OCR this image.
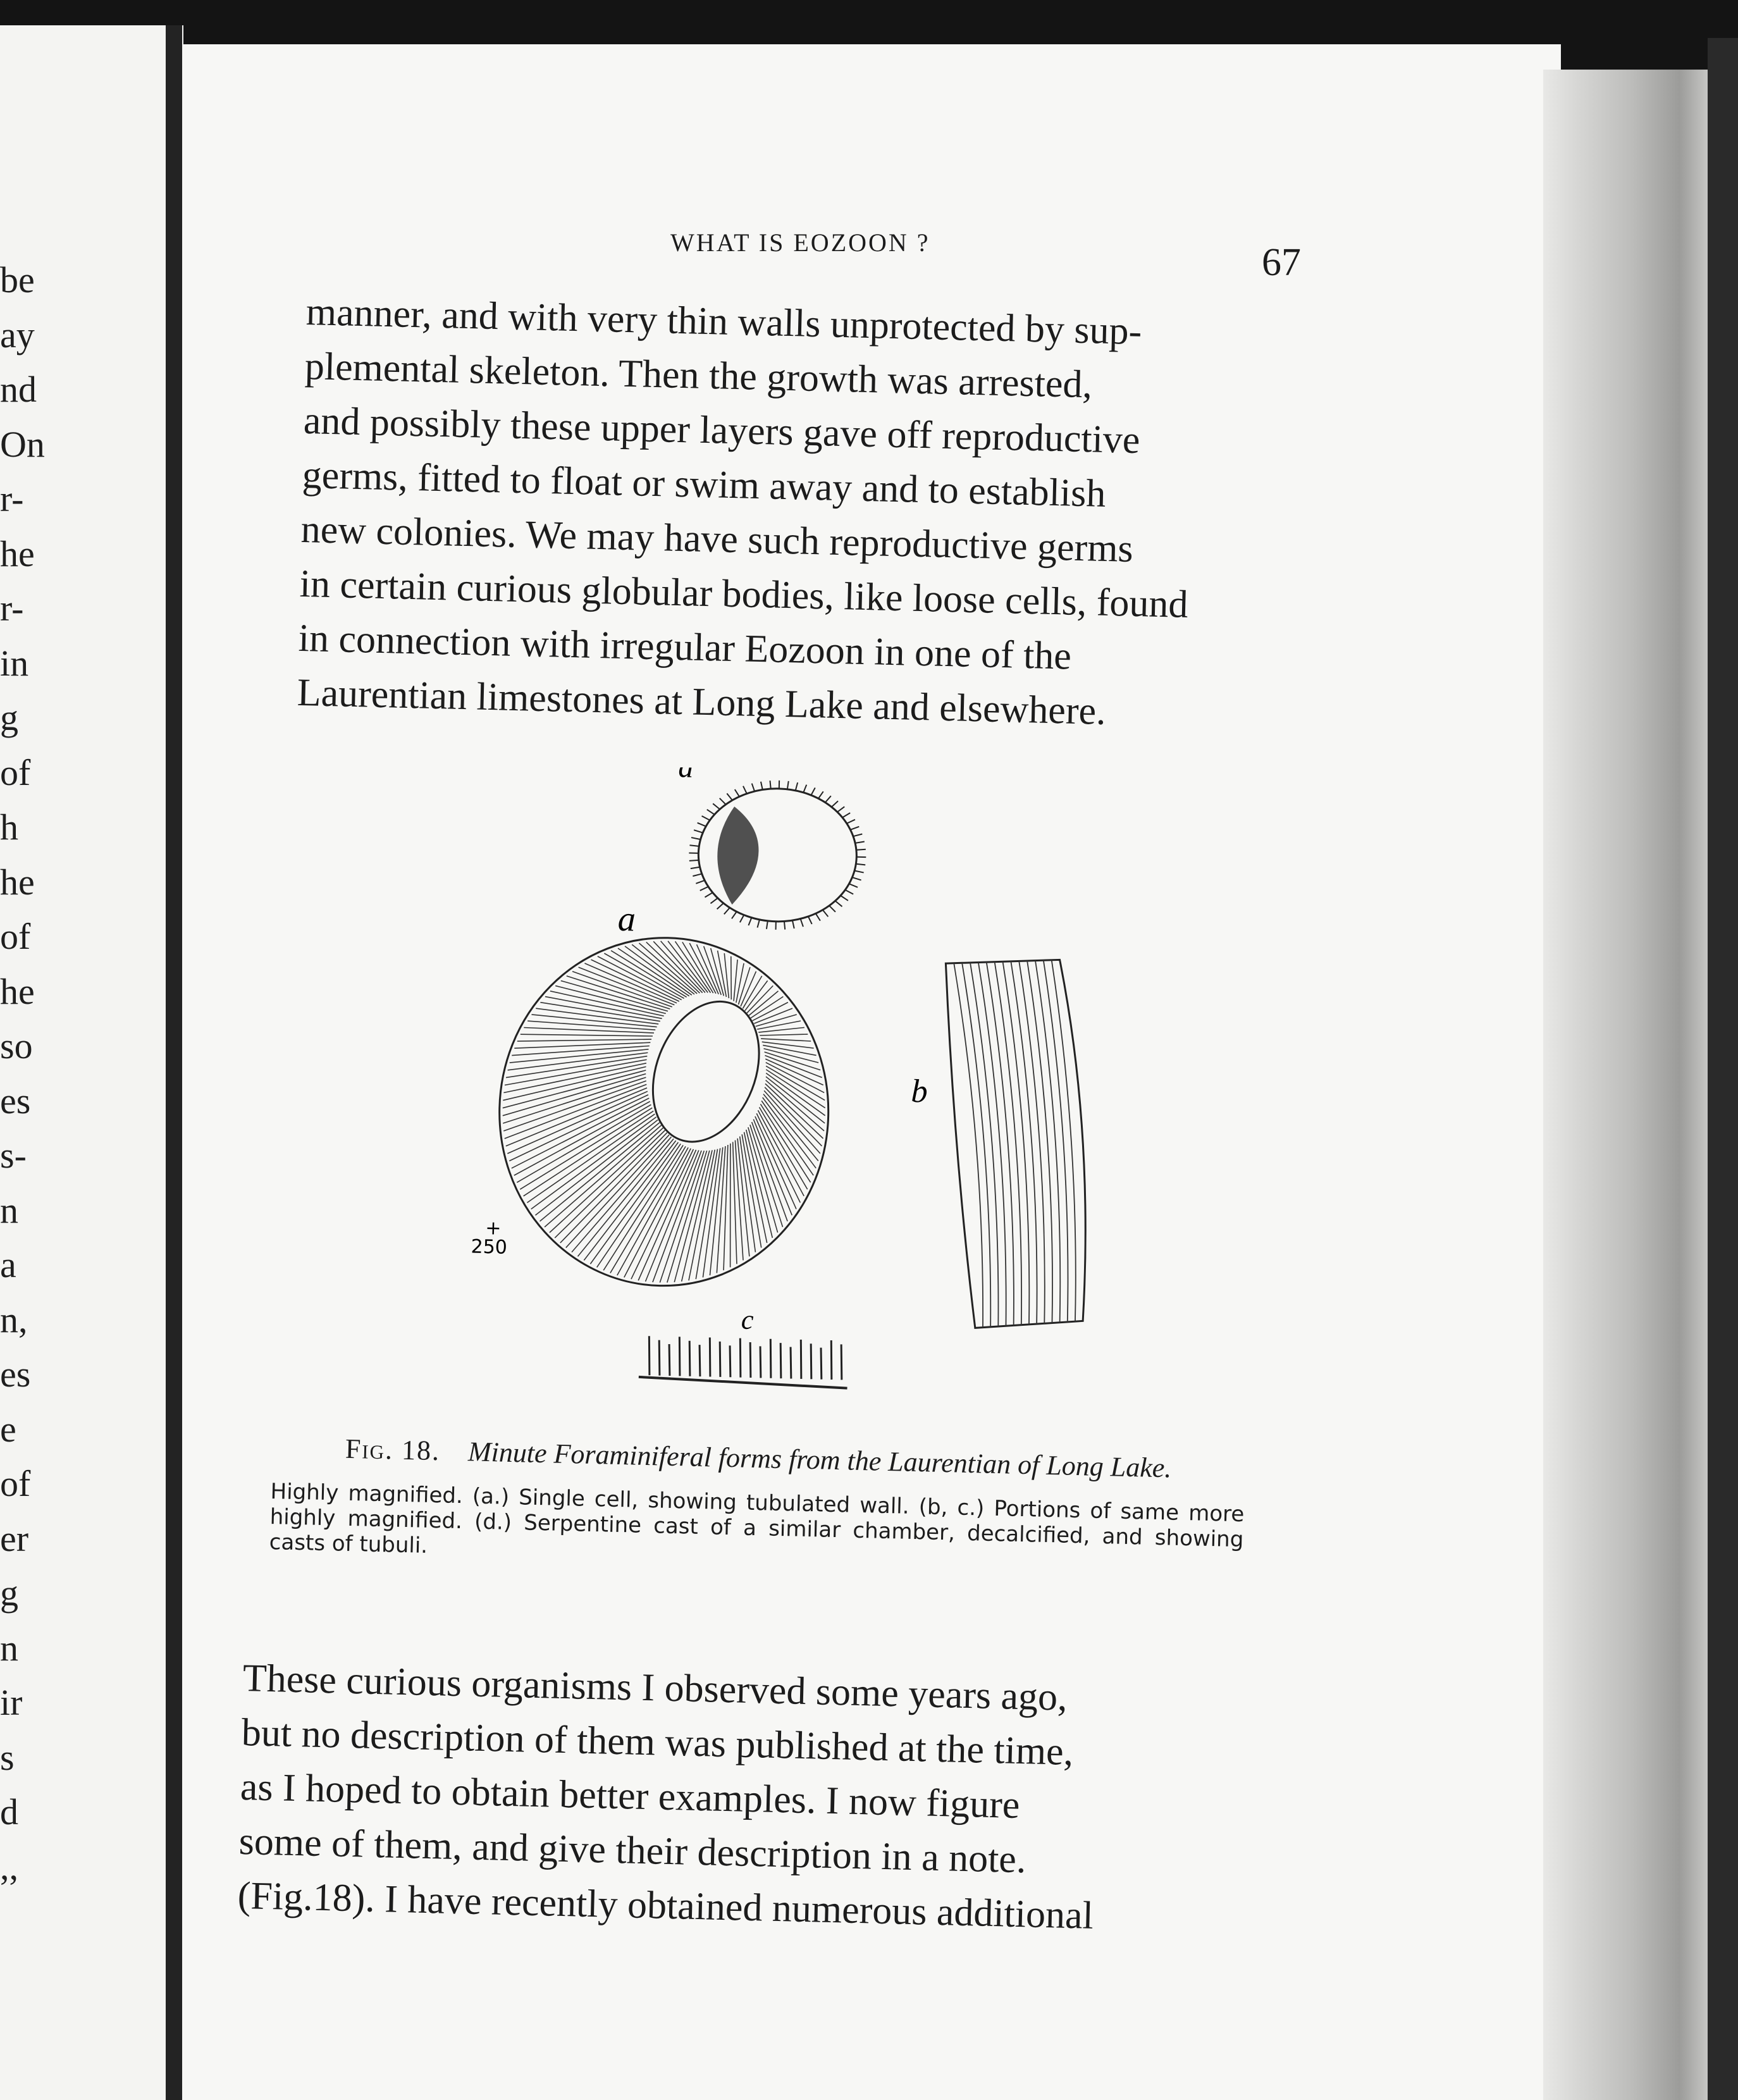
be
ay
nd
On
r-
he
r-
in
g
of
h
he
of
he
so
es
s-
n
a
n,
es
e
of
er
g
n
ir
s
d
,,
WHAT IS EOZOON ?	67
manner, and with very thin walls unprotected by sup-
plemental skeleton. Then the growth was arrested,
and possibly these upper layers gave off reproductive
germs, fitted to float or swim away and to establish
new colonies. We may have such reproductive germs
in certain curious globular bodies, like loose cells, found
in connection with irregular Eozoon in one of the
Laurentian limestones at Long Lake and elsewhere.
d
a
b
c
+250
Fig. 18. Minute Foraminiferal forms from the Laurentian of Long Lake.
Highly magnified. (a.) Single cell, showing tubulated wall. (b, c.) Portions of same more highly magnified. (d.) Serpentine cast of a similar chamber, decalcified, and showing casts of tubuli.
These curious organisms I observed some years ago,
but no description of them was published at the time,
as I hoped to obtain better examples. I now figure
some of them, and give their description in a note.
(Fig.18). I have recently obtained numerous additional
